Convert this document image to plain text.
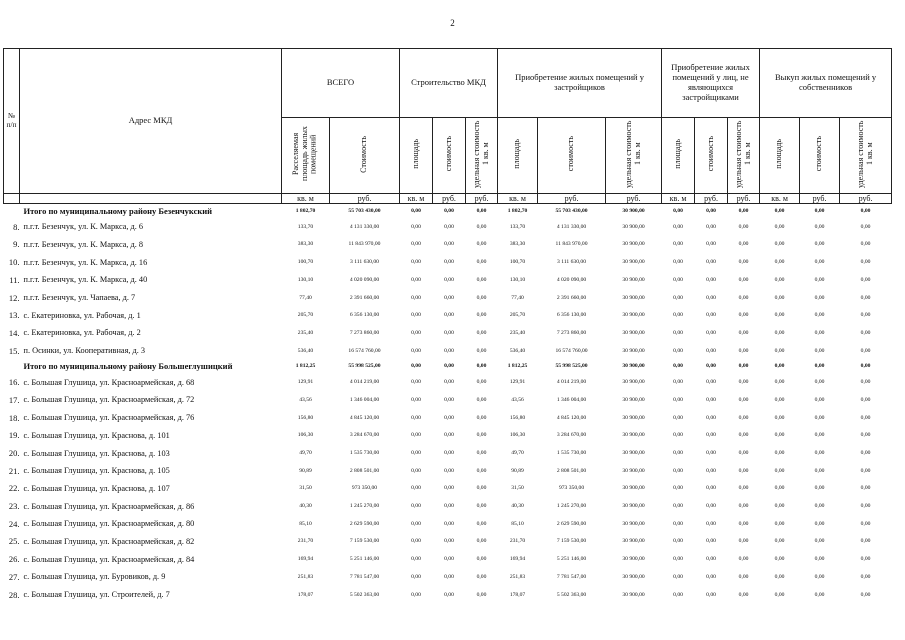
2
№ п/п	Адрес МКД	ВСЕГО		Строительство МКД			Приобретение жилых помещений у застройщиков			Приобретение жилых помещений у лиц, не являющихся застройщиками			Выкуп жилых помещений у собственников		
		Расселяемая площадь жилых помещений	Стоимость	площадь	стоимость	удельная стоимость 1 кв. м	площадь	стоимость	удельная стоимость 1 кв. м	площадь	стоимость	удельная стоимость 1 кв. м	площадь	стоимость	удельная стоимость 1 кв. м
		кв. м	руб.	кв. м	руб.	руб.	кв. м	руб.	руб.	кв. м	руб.	руб.	кв. м	руб.	руб.
	Итого по муниципальному району Безенчукский	1 802,70	55 703 430,00	0,00	0,00	0,00	1 802,70	55 703 430,00	30 900,00	0,00	0,00	0,00	0,00	0,00	0,00
8.	п.г.т. Безенчук, ул. К. Маркса, д. 6	133,70	4 131 330,00	0,00	0,00	0,00	133,70	4 131 330,00	30 900,00	0,00	0,00	0,00	0,00	0,00	0,00
9.	п.г.т. Безенчук, ул. К. Маркса, д. 8	383,30	11 843 970,00	0,00	0,00	0,00	383,30	11 843 970,00	30 900,00	0,00	0,00	0,00	0,00	0,00	0,00
10.	п.г.т. Безенчук, ул. К. Маркса, д. 16	100,70	3 111 630,00	0,00	0,00	0,00	100,70	3 111 630,00	30 900,00	0,00	0,00	0,00	0,00	0,00	0,00
11.	п.г.т. Безенчук, ул. К. Маркса, д. 40	130,10	4 020 090,00	0,00	0,00	0,00	130,10	4 020 090,00	30 900,00	0,00	0,00	0,00	0,00	0,00	0,00
12.	п.г.т. Безенчук, ул. Чапаева, д. 7	77,40	2 391 660,00	0,00	0,00	0,00	77,40	2 391 660,00	30 900,00	0,00	0,00	0,00	0,00	0,00	0,00
13.	с. Екатериновка, ул. Рабочая, д. 1	205,70	6 356 130,00	0,00	0,00	0,00	205,70	6 356 130,00	30 900,00	0,00	0,00	0,00	0,00	0,00	0,00
14.	с. Екатериновка, ул. Рабочая, д. 2	235,40	7 273 860,00	0,00	0,00	0,00	235,40	7 273 860,00	30 900,00	0,00	0,00	0,00	0,00	0,00	0,00
15.	п. Осинки, ул. Кооперативная, д. 3	536,40	16 574 760,00	0,00	0,00	0,00	536,40	16 574 760,00	30 900,00	0,00	0,00	0,00	0,00	0,00	0,00
	Итого по муниципальному району Большеглушицкий	1 812,25	55 998 525,00	0,00	0,00	0,00	1 812,25	55 998 525,00	30 900,00	0,00	0,00	0,00	0,00	0,00	0,00
16.	с. Большая Глушица, ул. Красноармейская, д. 68	129,91	4 014 219,00	0,00	0,00	0,00	129,91	4 014 219,00	30 900,00	0,00	0,00	0,00	0,00	0,00	0,00
17.	с. Большая Глушица, ул. Красноармейская, д. 72	43,56	1 346 004,00	0,00	0,00	0,00	43,56	1 346 004,00	30 900,00	0,00	0,00	0,00	0,00	0,00	0,00
18.	с. Большая Глушица, ул. Красноармейская, д. 76	156,80	4 845 120,00	0,00	0,00	0,00	156,80	4 845 120,00	30 900,00	0,00	0,00	0,00	0,00	0,00	0,00
19.	с. Большая Глушица, ул. Краснова, д. 101	106,30	3 284 670,00	0,00	0,00	0,00	106,30	3 284 670,00	30 900,00	0,00	0,00	0,00	0,00	0,00	0,00
20.	с. Большая Глушица, ул. Краснова, д. 103	49,70	1 535 730,00	0,00	0,00	0,00	49,70	1 535 730,00	30 900,00	0,00	0,00	0,00	0,00	0,00	0,00
21.	с. Большая Глушица, ул. Краснова, д. 105	90,89	2 808 501,00	0,00	0,00	0,00	90,89	2 808 501,00	30 900,00	0,00	0,00	0,00	0,00	0,00	0,00
22.	с. Большая Глушица, ул. Краснова, д. 107	31,50	973 350,00	0,00	0,00	0,00	31,50	973 350,00	30 900,00	0,00	0,00	0,00	0,00	0,00	0,00
23.	с. Большая Глушица, ул. Красноармейская, д. 86	40,30	1 245 270,00	0,00	0,00	0,00	40,30	1 245 270,00	30 900,00	0,00	0,00	0,00	0,00	0,00	0,00
24.	с. Большая Глушица, ул. Красноармейская, д. 80	85,10	2 629 590,00	0,00	0,00	0,00	85,10	2 629 590,00	30 900,00	0,00	0,00	0,00	0,00	0,00	0,00
25.	с. Большая Глушица, ул. Красноармейская, д. 82	231,70	7 159 530,00	0,00	0,00	0,00	231,70	7 159 530,00	30 900,00	0,00	0,00	0,00	0,00	0,00	0,00
26.	с. Большая Глушица, ул. Красноармейская, д. 84	169,94	5 251 146,00	0,00	0,00	0,00	169,94	5 251 146,00	30 900,00	0,00	0,00	0,00	0,00	0,00	0,00
27.	с. Большая Глушица, ул. Буровиков, д. 9	251,83	7 781 547,00	0,00	0,00	0,00	251,83	7 781 547,00	30 900,00	0,00	0,00	0,00	0,00	0,00	0,00
28.	с. Большая Глушица, ул. Строителей, д. 7	178,07	5 502 363,00	0,00	0,00	0,00	178,07	5 502 363,00	30 900,00	0,00	0,00	0,00	0,00	0,00	0,00
